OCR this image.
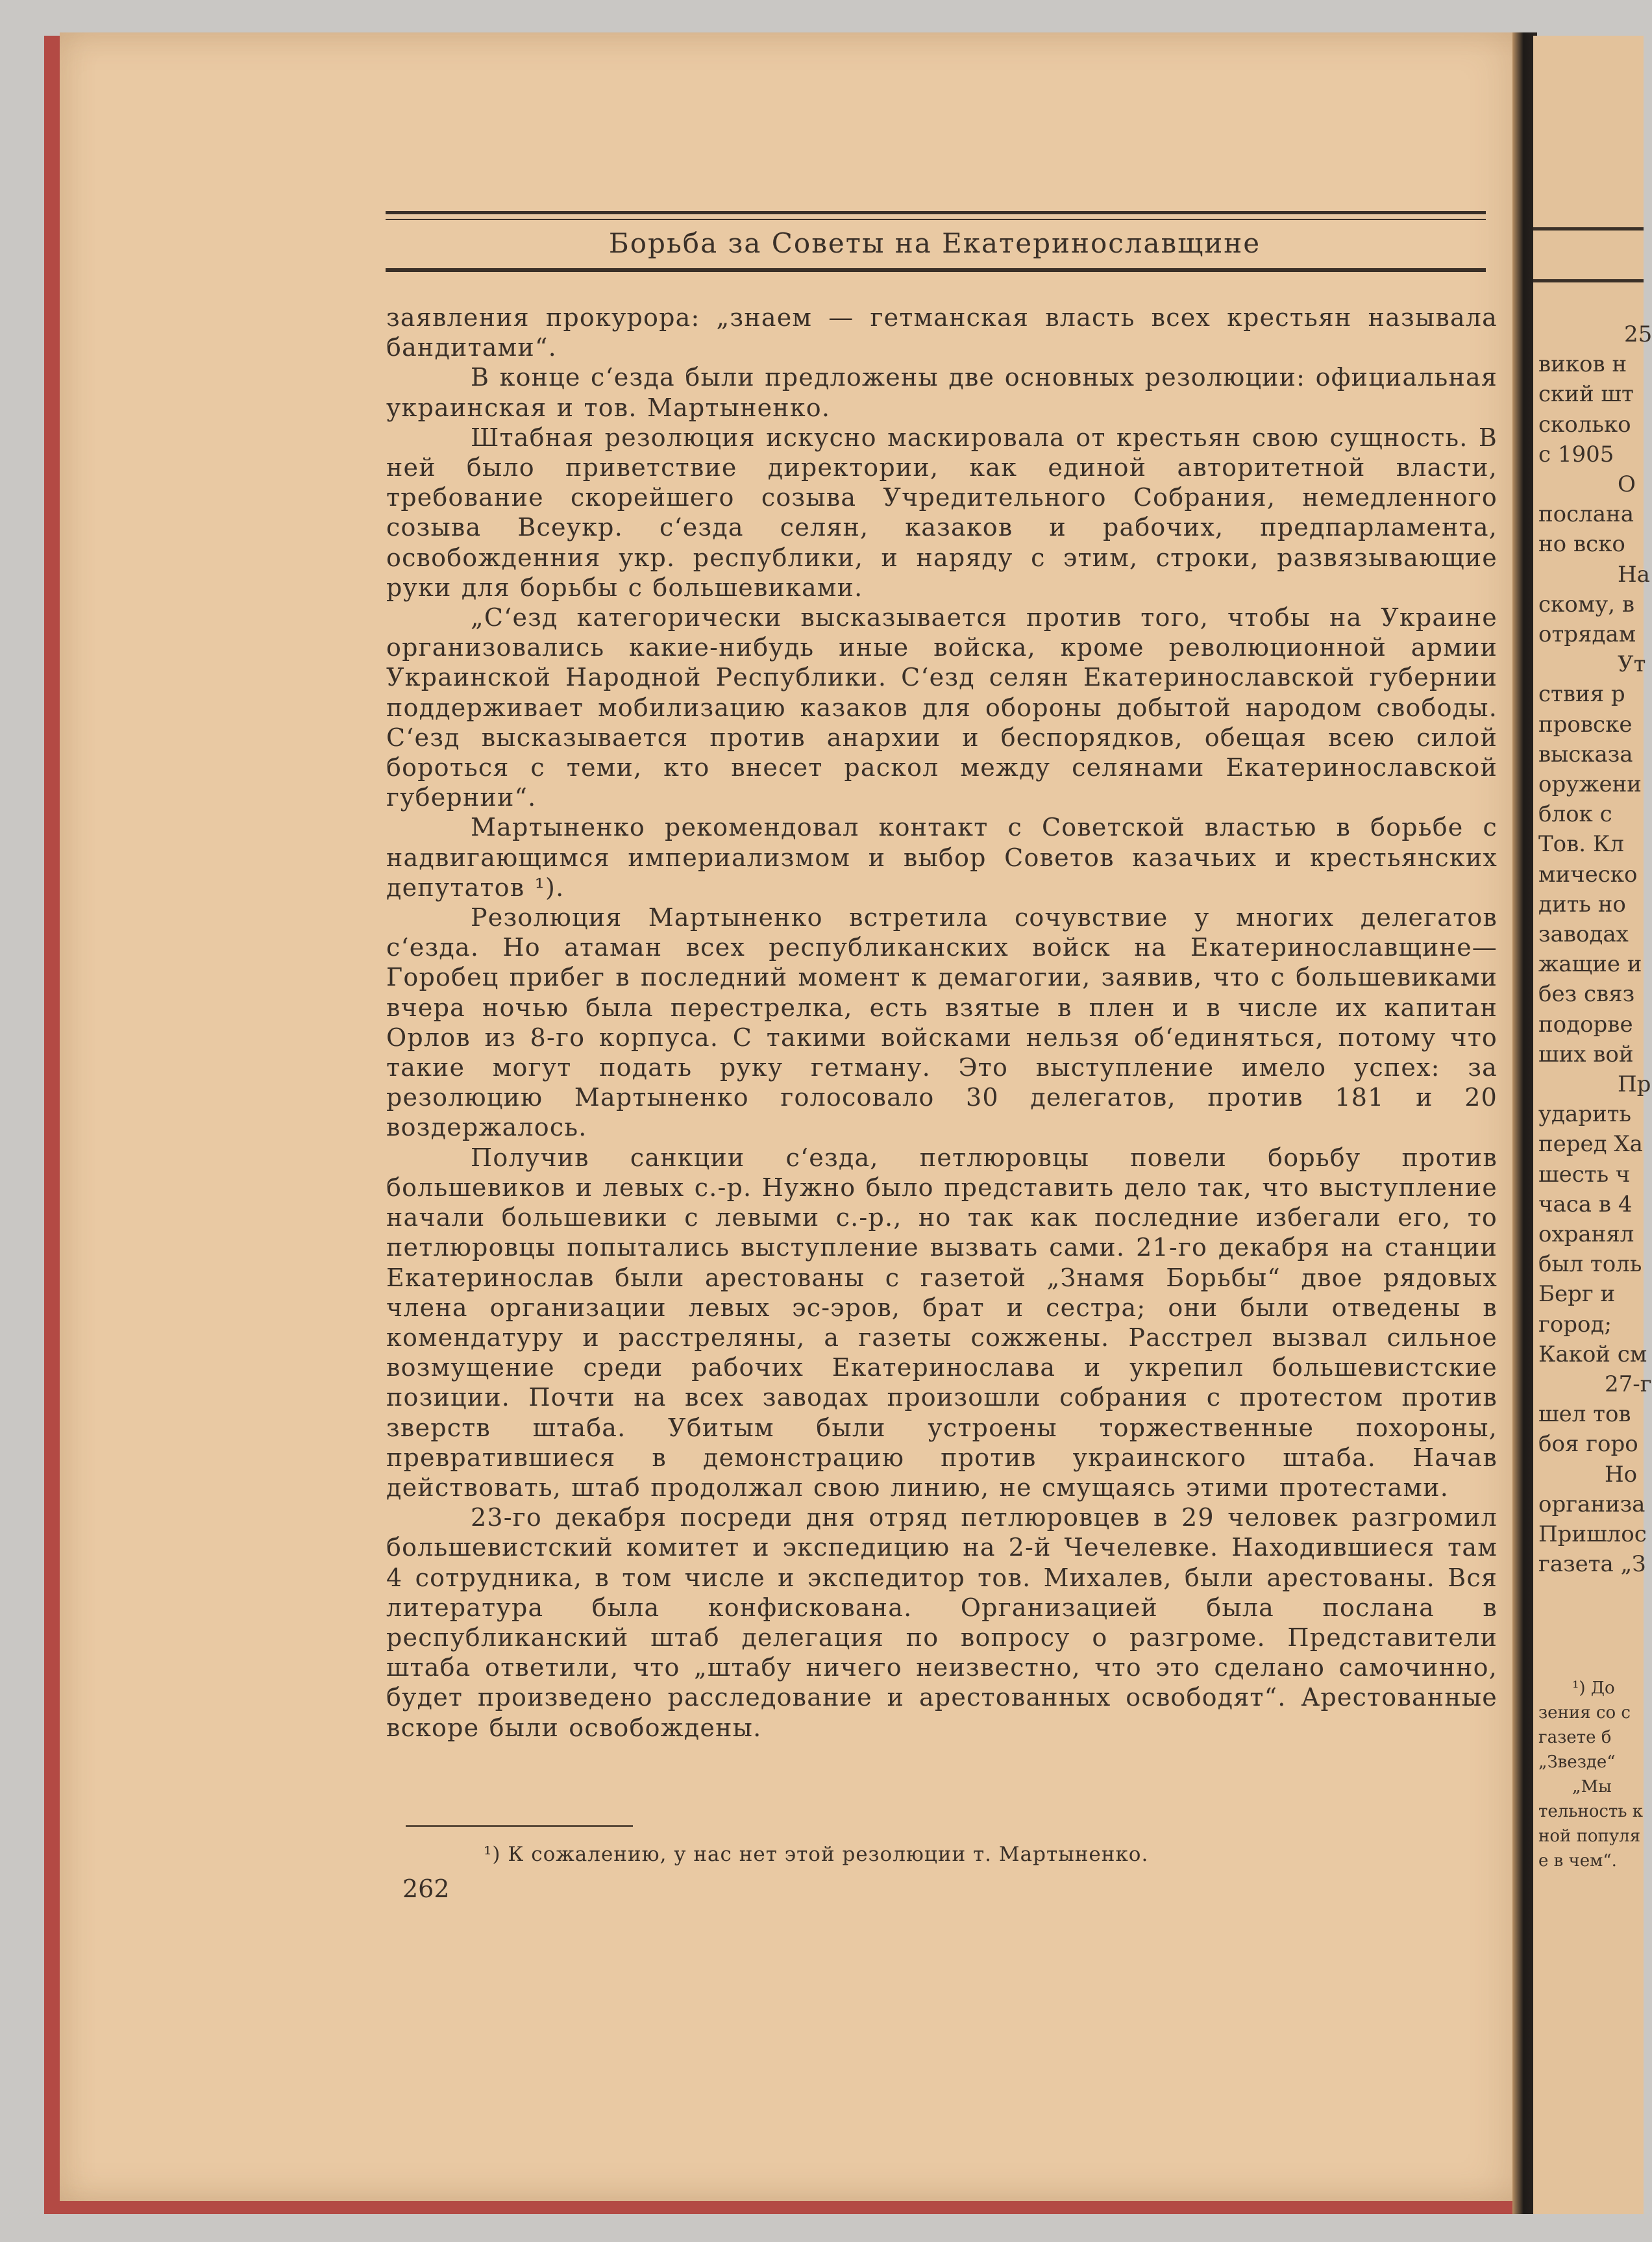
Борьба за Советы на Екатеринославщине

заявления прокурора: „знаем — гетманская власть всех крестьян называла бандитами“.

В конце с‘езда были предложены две основных резолюции: официальная украинская и тов. Мартыненко.

Штабная резолюция искусно маскировала от крестьян свою сущность. В ней было приветствие директории, как единой авторитетной власти, требование скорейшего созыва Учредительного Собрания, немедленного созыва Всеукр. с‘езда селян, казаков и рабочих, предпарламента, освобожденния укр. республики, и наряду с этим, строки, развязывающие руки для борьбы с большевиками.

„С‘езд категорически высказывается против того, чтобы на Украине организовались какие-нибудь иные войска, кроме революционной армии Украинской Народной Республики. С‘езд селян Екатеринославской губернии поддерживает мобилизацию казаков для обороны добытой народом свободы. С‘езд высказывается против анархии и беспорядков, обещая всею силой бороться с теми, кто внесет раскол между селянами Екатеринославской губернии“.

Мартыненко рекомендовал контакт с Советской властью в борьбе с надвигающимся империализмом и выбор Советов казачьих и крестьянских депутатов ¹).

Резолюция Мартыненко встретила сочувствие у многих делегатов с‘езда. Но атаман всех республиканских войск на Екатеринославщине— Горобец прибег в последний момент к демагогии, заявив, что с большевиками вчера ночью была перестрелка, есть взятые в плен и в числе их капитан Орлов из 8-го корпуса. С такими войсками нельзя об‘единяться, потому что такие могут подать руку гетману. Это выступление имело успех: за резолюцию Мартыненко голосовало 30 делегатов, против 181 и 20 воздержалось.

Получив санкции с‘езда, петлюровцы повели борьбу против большевиков и левых с.-р. Нужно было представить дело так, что выступление начали большевики с левыми с.-р., но так как последние избегали его, то петлюровцы попытались выступление вызвать сами. 21-го декабря на станции Екатеринослав были арестованы с газетой „Знамя Борьбы“ двое рядовых члена организации левых эс-эров, брат и сестра; они были отведены в комендатуру и расстреляны, а газеты сожжены. Расстрел вызвал сильное возмущение среди рабочих Екатеринослава и укрепил большевистские позиции. Почти на всех заводах произошли собрания с протестом против зверств штаба. Убитым были устроены торжественные похороны, превратившиеся в демонстрацию против украинского штаба. Начав действовать, штаб продолжал свою линию, не смущаясь этими протестами.

23-го декабря посреди дня отряд петлюровцев в 29 человек разгромил большевистский комитет и экспедицию на 2-й Чечелевке. Находившиеся там 4 сотрудника, в том числе и экспедитор тов. Михалев, были арестованы. Вся литература была конфискована. Организацией была послана в республиканский штаб делегация по вопросу о разгроме. Представители штаба ответили, что „штабу ничего неизвестно, что это сделано самочинно, будет произведено расследование и арестованных освободят“. Арестованные вскоре были освобождены.

¹) К сожалению, у нас нет этой резолюции т. Мартыненко.
262
25
виков н
ский шт
сколько
с 1905
О
послана
но вско
На
скому, в
отрядам
Ут
ствия р
провске
высказа
оружени
блок с
Тов. Кл
мическо
дить но
заводах
жащие и
без связ
подорве
ших вой
Пр
ударить
перед Ха
шесть ч
часа в 4
охранял
был толь
Берг и
город;
Какой см
27-г
шел тов
боя горо
Но
организа
Пришлос
газета „З
¹) До
зения со с
газете б
„Звезде“
„Мы
тельность к
ной популя
е в чем“.
